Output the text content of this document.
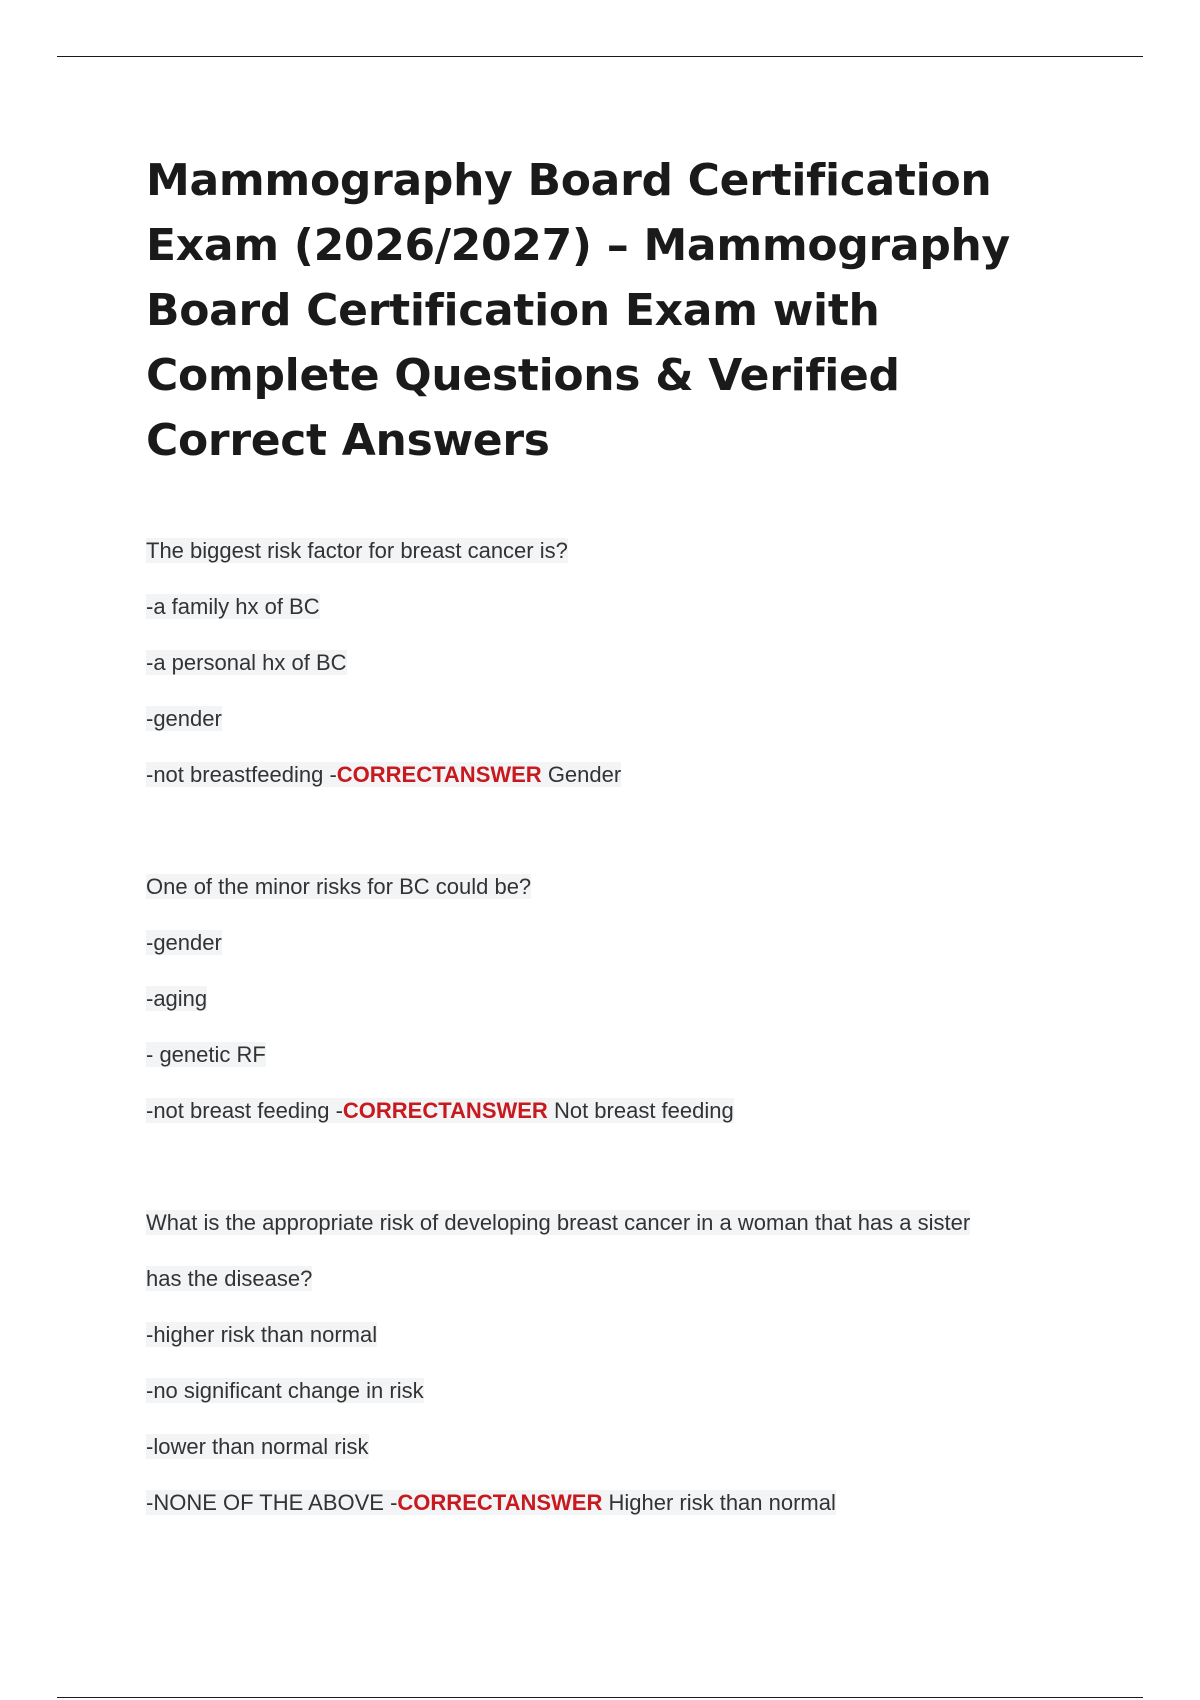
Mammography Board Certification Exam (2026/2027) – Mammography Board Certification Exam with Complete Questions & Verified Correct Answers
The biggest risk factor for breast cancer is?
-a family hx of BC
-a personal hx of BC
-gender
-not breastfeeding -CORRECTANSWER Gender
One of the minor risks for BC could be?
-gender
-aging
- genetic RF
-not breast feeding -CORRECTANSWER Not breast feeding
What is the appropriate risk of developing breast cancer in a woman that has a sister
has the disease?
-higher risk than normal
-no significant change in risk
-lower than normal risk
-NONE OF THE ABOVE -CORRECTANSWER Higher risk than normal
